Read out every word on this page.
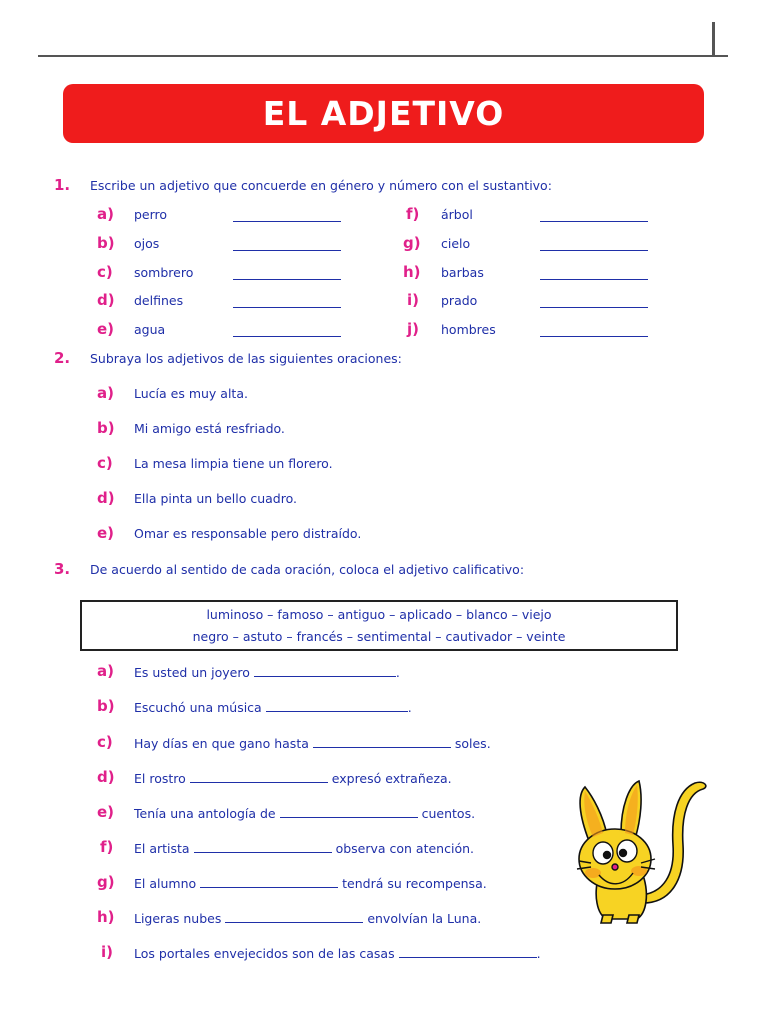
EL ADJETIVO
1. Escribe un adjetivo que concuerde en género y número con el sustantivo:
a) perro
b) ojos
c) sombrero
d) delfines
e) agua
f) árbol
g) cielo
h) barbas
i) prado
j) hombres
2. Subraya los adjetivos de las siguientes oraciones:
a) Lucía es muy alta.
b) Mi amigo está resfriado.
c) La mesa limpia tiene un florero.
d) Ella pinta un bello cuadro.
e) Omar es responsable pero distraído.
3. De acuerdo al sentido de cada oración, coloca el adjetivo calificativo:
luminoso – famoso – antiguo – aplicado – blanco – viejo
negro – astuto – francés – sentimental – cautivador – veinte
a) Es usted un joyero	.
b) Escuchó una música	.
c) Hay días en que gano hasta	soles.
d) El rostro	expresó extrañeza.
e) Tenía una antología de	cuentos.
f) El artista	observa con atención.
g) El alumno	tendrá su recompensa.
h) Ligeras nubes	envolvían la Luna.
i) Los portales envejecidos son de las casas	.
